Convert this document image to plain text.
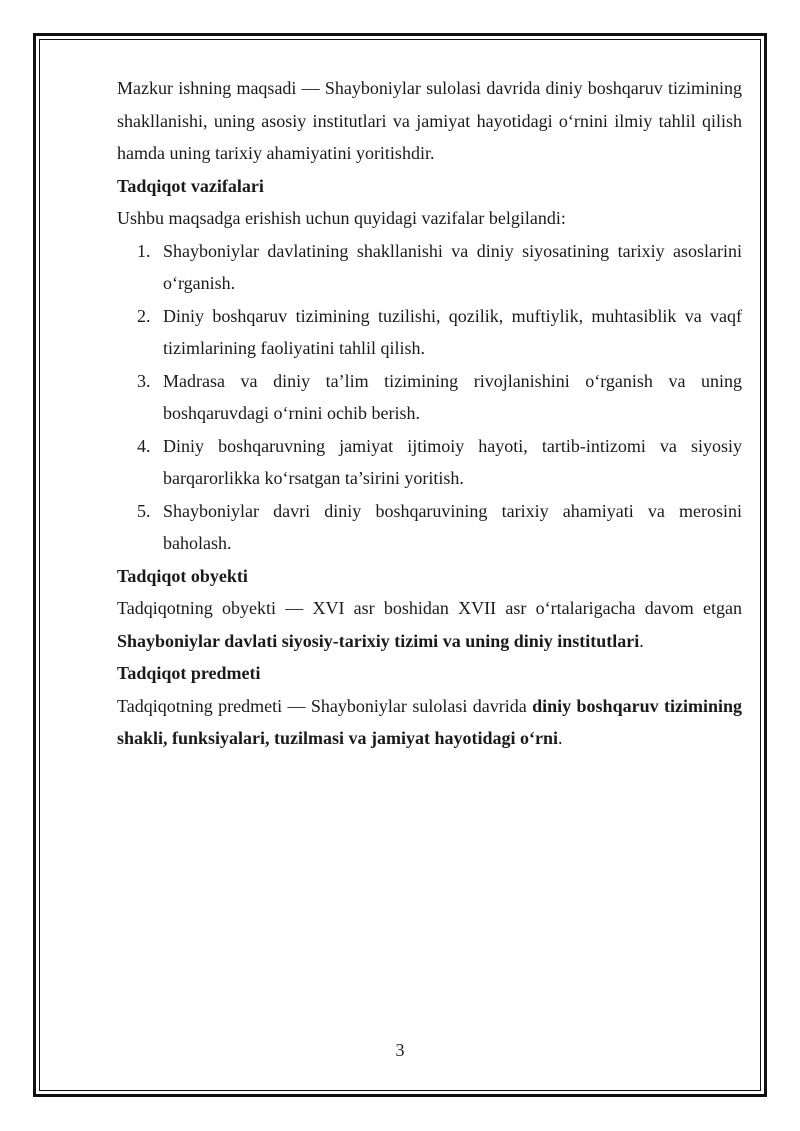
Mazkur ishning maqsadi — Shayboniylar sulolasi davrida diniy boshqaruv tizimining shakllanishi, uning asosiy institutlari va jamiyat hayotidagi o‘rnini ilmiy tahlil qilish hamda uning tarixiy ahamiyatini yoritishdir.

Tadqiqot vazifalari

Ushbu maqsadga erishish uchun quyidagi vazifalar belgilandi:

1. Shayboniylar davlatining shakllanishi va diniy siyosatining tarixiy asoslarini o‘rganish.
2. Diniy boshqaruv tizimining tuzilishi, qozilik, muftiylik, muhtasiblik va vaqf tizimlarining faoliyatini tahlil qilish.
3. Madrasa va diniy ta’lim tizimining rivojlanishini o‘rganish va uning boshqaruvdagi o‘rnini ochib berish.
4. Diniy boshqaruvning jamiyat ijtimoiy hayoti, tartib-intizomi va siyosiy barqarorlikka ko‘rsatgan ta’sirini yoritish.
5. Shayboniylar davri diniy boshqaruvining tarixiy ahamiyati va merosini baholash.

Tadqiqot obyekti

Tadqiqotning obyekti — XVI asr boshidan XVII asr o‘rtalarigacha davom etgan Shayboniylar davlati siyosiy-tarixiy tizimi va uning diniy institutlari.

Tadqiqot predmeti

Tadqiqotning predmeti — Shayboniylar sulolasi davrida diniy boshqaruv tizimining shakli, funksiyalari, tuzilmasi va jamiyat hayotidagi o‘rni.

3
